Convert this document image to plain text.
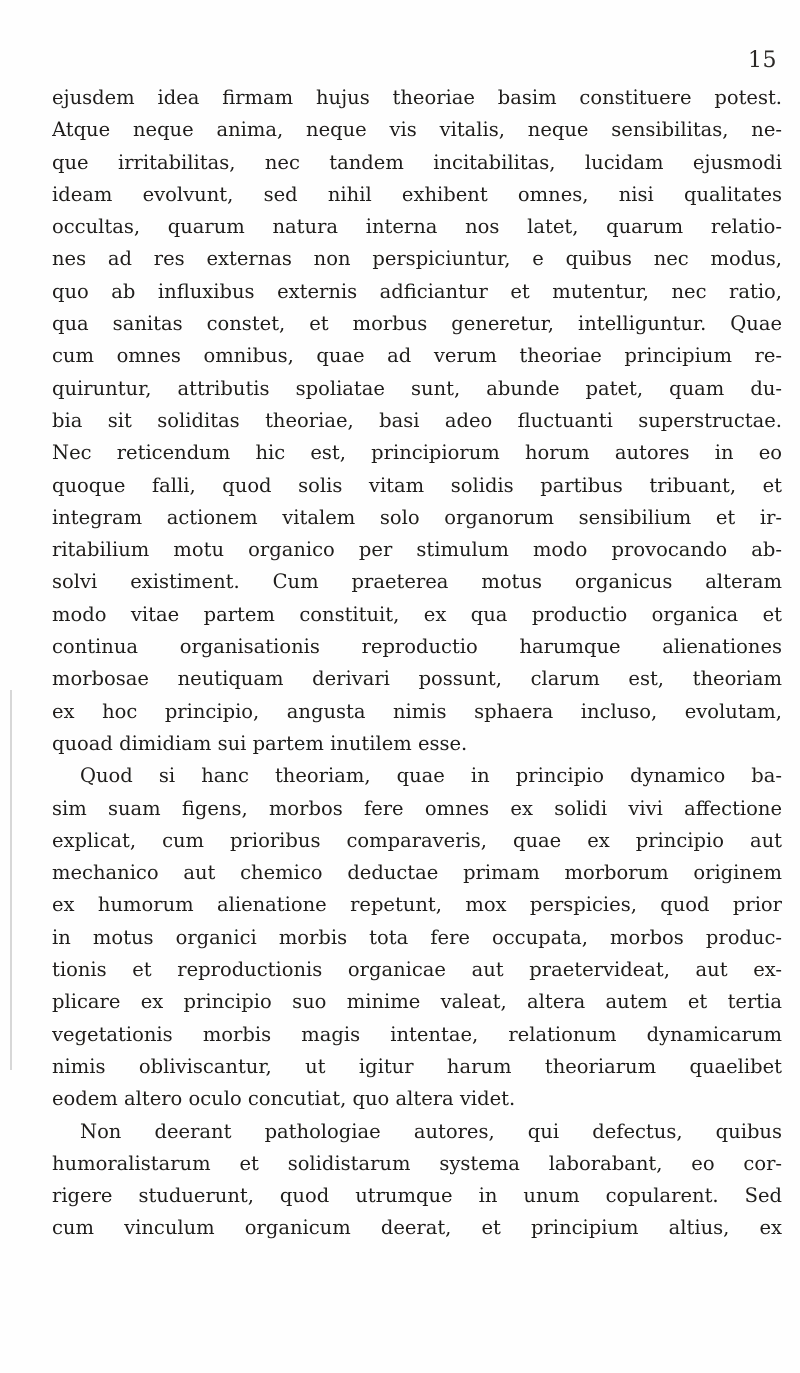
15
ejusdem idea firmam hujus theoriae basim constituere potest.
Atque neque anima, neque vis vitalis, neque sensibilitas, ne-
que irritabilitas, nec tandem incitabilitas, lucidam ejusmodi
ideam evolvunt, sed nihil exhibent omnes, nisi qualitates
occultas, quarum natura interna nos latet, quarum relatio-
nes ad res externas non perspiciuntur, e quibus nec modus,
quo ab influxibus externis adficiantur et mutentur, nec ratio,
qua sanitas constet, et morbus generetur, intelliguntur. Quae
cum omnes omnibus, quae ad verum theoriae principium re-
quiruntur, attributis spoliatae sunt, abunde patet, quam du-
bia sit soliditas theoriae, basi adeo fluctuanti superstructae.
Nec reticendum hic est, principiorum horum autores in eo
quoque falli, quod solis vitam solidis partibus tribuant, et
integram actionem vitalem solo organorum sensibilium et ir-
ritabilium motu organico per stimulum modo provocando ab-
solvi existiment. Cum praeterea motus organicus alteram
modo vitae partem constituit, ex qua productio organica et
continua organisationis reproductio harumque alienationes
morbosae neutiquam derivari possunt, clarum est, theoriam
ex hoc principio, angusta nimis sphaera incluso, evolutam,
quoad dimidiam sui partem inutilem esse.
Quod si hanc theoriam, quae in principio dynamico ba-
sim suam figens, morbos fere omnes ex solidi vivi affectione
explicat, cum prioribus comparaveris, quae ex principio aut
mechanico aut chemico deductae primam morborum originem
ex humorum alienatione repetunt, mox perspicies, quod prior
in motus organici morbis tota fere occupata, morbos produc-
tionis et reproductionis organicae aut praetervideat, aut ex-
plicare ex principio suo minime valeat, altera autem et tertia
vegetationis morbis magis intentae, relationum dynamicarum
nimis obliviscantur, ut igitur harum theoriarum quaelibet
eodem altero oculo concutiat, quo altera videt.
Non deerant pathologiae autores, qui defectus, quibus
humoralistarum et solidistarum systema laborabant, eo cor-
rigere studuerunt, quod utrumque in unum copularent. Sed
cum vinculum organicum deerat, et principium altius, ex
